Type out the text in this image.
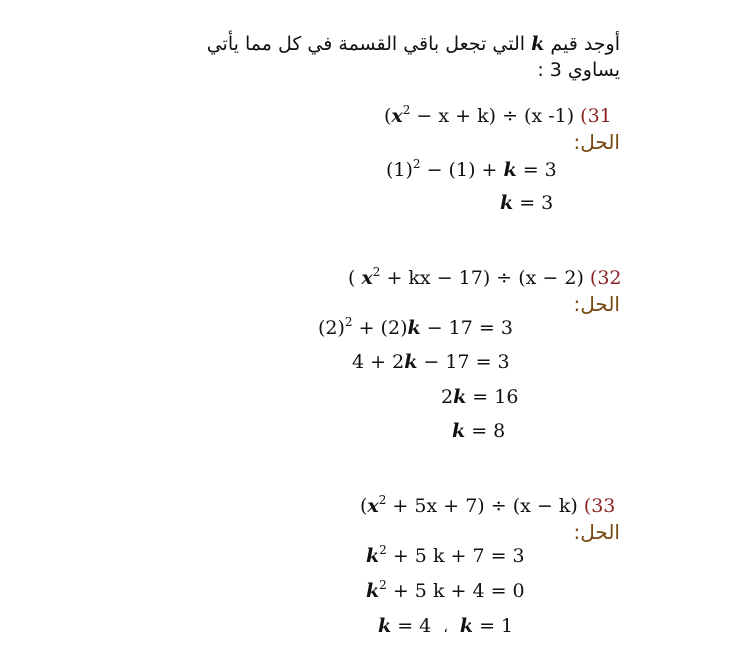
أوجد قيم k التي تجعل باقي القسمة في كل مما يأتي
يساوي 3 :
$(x^2 - x + k) \div (x$ -1) (31
الحل:
$(1)^2 - (1) + k = 3$
k = 3
( $x^2$ + kx − 17) ÷ (x − 2) (32
الحل:
$(2)^2 + (2)k - 17 = 3$
4 + 2k − 17 = 3
2k = 16
k = 8
$(x^2 + 5x + 7) \div (x - k)$ (33
الحل:
$k^2 + 5$ k + 7 = 3
$k^2 + 5$ k + 4 = 0
k = 4 ، k = 1
